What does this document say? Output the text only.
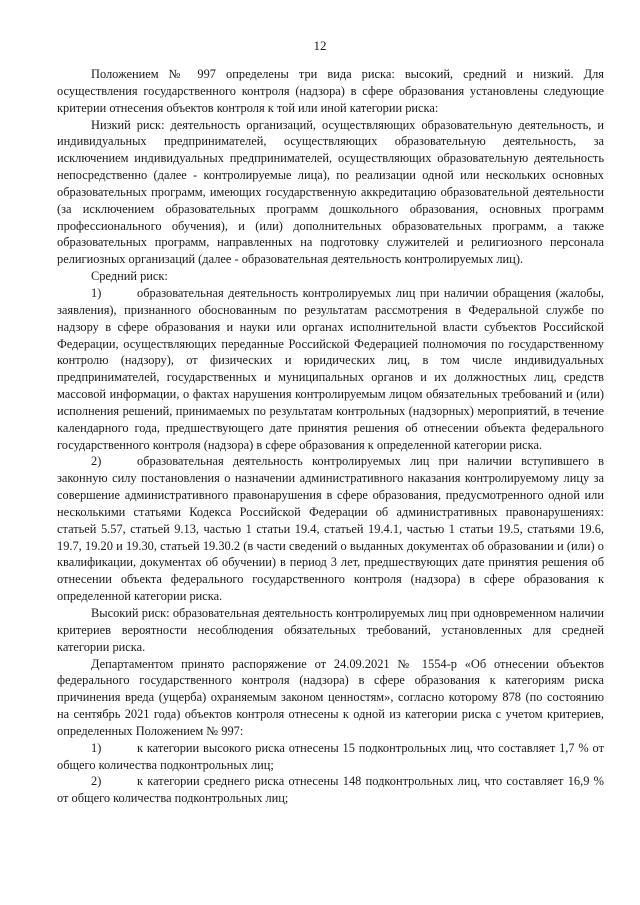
12

Положением № 997 определены три вида риска: высокий, средний и низкий. Для осуществления государственного контроля (надзора) в сфере образования установлены следующие критерии отнесения объектов контроля к той или иной категории риска:

Низкий риск: деятельность организаций, осуществляющих образовательную деятельность, и индивидуальных предпринимателей, осуществляющих образовательную деятельность, за исключением индивидуальных предпринимателей, осуществляющих образовательную деятельность непосредственно (далее - контролируемые лица), по реализации одной или нескольких основных образовательных программ, имеющих государственную аккредитацию образовательной деятельности (за исключением образовательных программ дошкольного образования, основных программ профессионального обучения), и (или) дополнительных образовательных программ, а также образовательных программ, направленных на подготовку служителей и религиозного персонала религиозных организаций (далее - образовательная деятельность контролируемых лиц).

Средний риск:

1)	образовательная деятельность контролируемых лиц при наличии обращения (жалобы, заявления), признанного обоснованным по результатам рассмотрения в Федеральной службе по надзору в сфере образования и науки или органах исполнительной власти субъектов Российской Федерации, осуществляющих переданные Российской Федерацией полномочия по государственному контролю (надзору), от физических и юридических лиц, в том числе индивидуальных предпринимателей, государственных и муниципальных органов и их должностных лиц, средств массовой информации, о фактах нарушения контролируемым лицом обязательных требований и (или) исполнения решений, принимаемых по результатам контрольных (надзорных) мероприятий, в течение календарного года, предшествующего дате принятия решения об отнесении объекта федерального государственного контроля (надзора) в сфере образования к определенной категории риска.

2)	образовательная деятельность контролируемых лиц при наличии вступившего в законную силу постановления о назначении административного наказания контролируемому лицу за совершение административного правонарушения в сфере образования, предусмотренного одной или несколькими статьями Кодекса Российской Федерации об административных правонарушениях: статьей 5.57, статьей 9.13, частью 1 статьи 19.4, статьей 19.4.1, частью 1 статьи 19.5, статьями 19.6, 19.7, 19.20 и 19.30, статьей 19.30.2 (в части сведений о выданных документах об образовании и (или) о квалификации, документах об обучении) в период 3 лет, предшествующих дате принятия решения об отнесении объекта федерального государственного контроля (надзора) в сфере образования к определенной категории риска.

Высокий риск: образовательная деятельность контролируемых лиц при одновременном наличии критериев вероятности несоблюдения обязательных требований, установленных для средней категории риска.

Департаментом принято распоряжение от 24.09.2021 № 1554-р «Об отнесении объектов федерального государственного контроля (надзора) в сфере образования к категориям риска причинения вреда (ущерба) охраняемым законом ценностям», согласно которому 878 (по состоянию на сентябрь 2021 года) объектов контроля отнесены к одной из категории риска с учетом критериев, определенных Положением № 997:

1)	к категории высокого риска отнесены 15 подконтрольных лиц, что составляет 1,7 % от общего количества подконтрольных лиц;

2)	к категории среднего риска отнесены 148 подконтрольных лиц, что составляет 16,9 % от общего количества подконтрольных лиц;
